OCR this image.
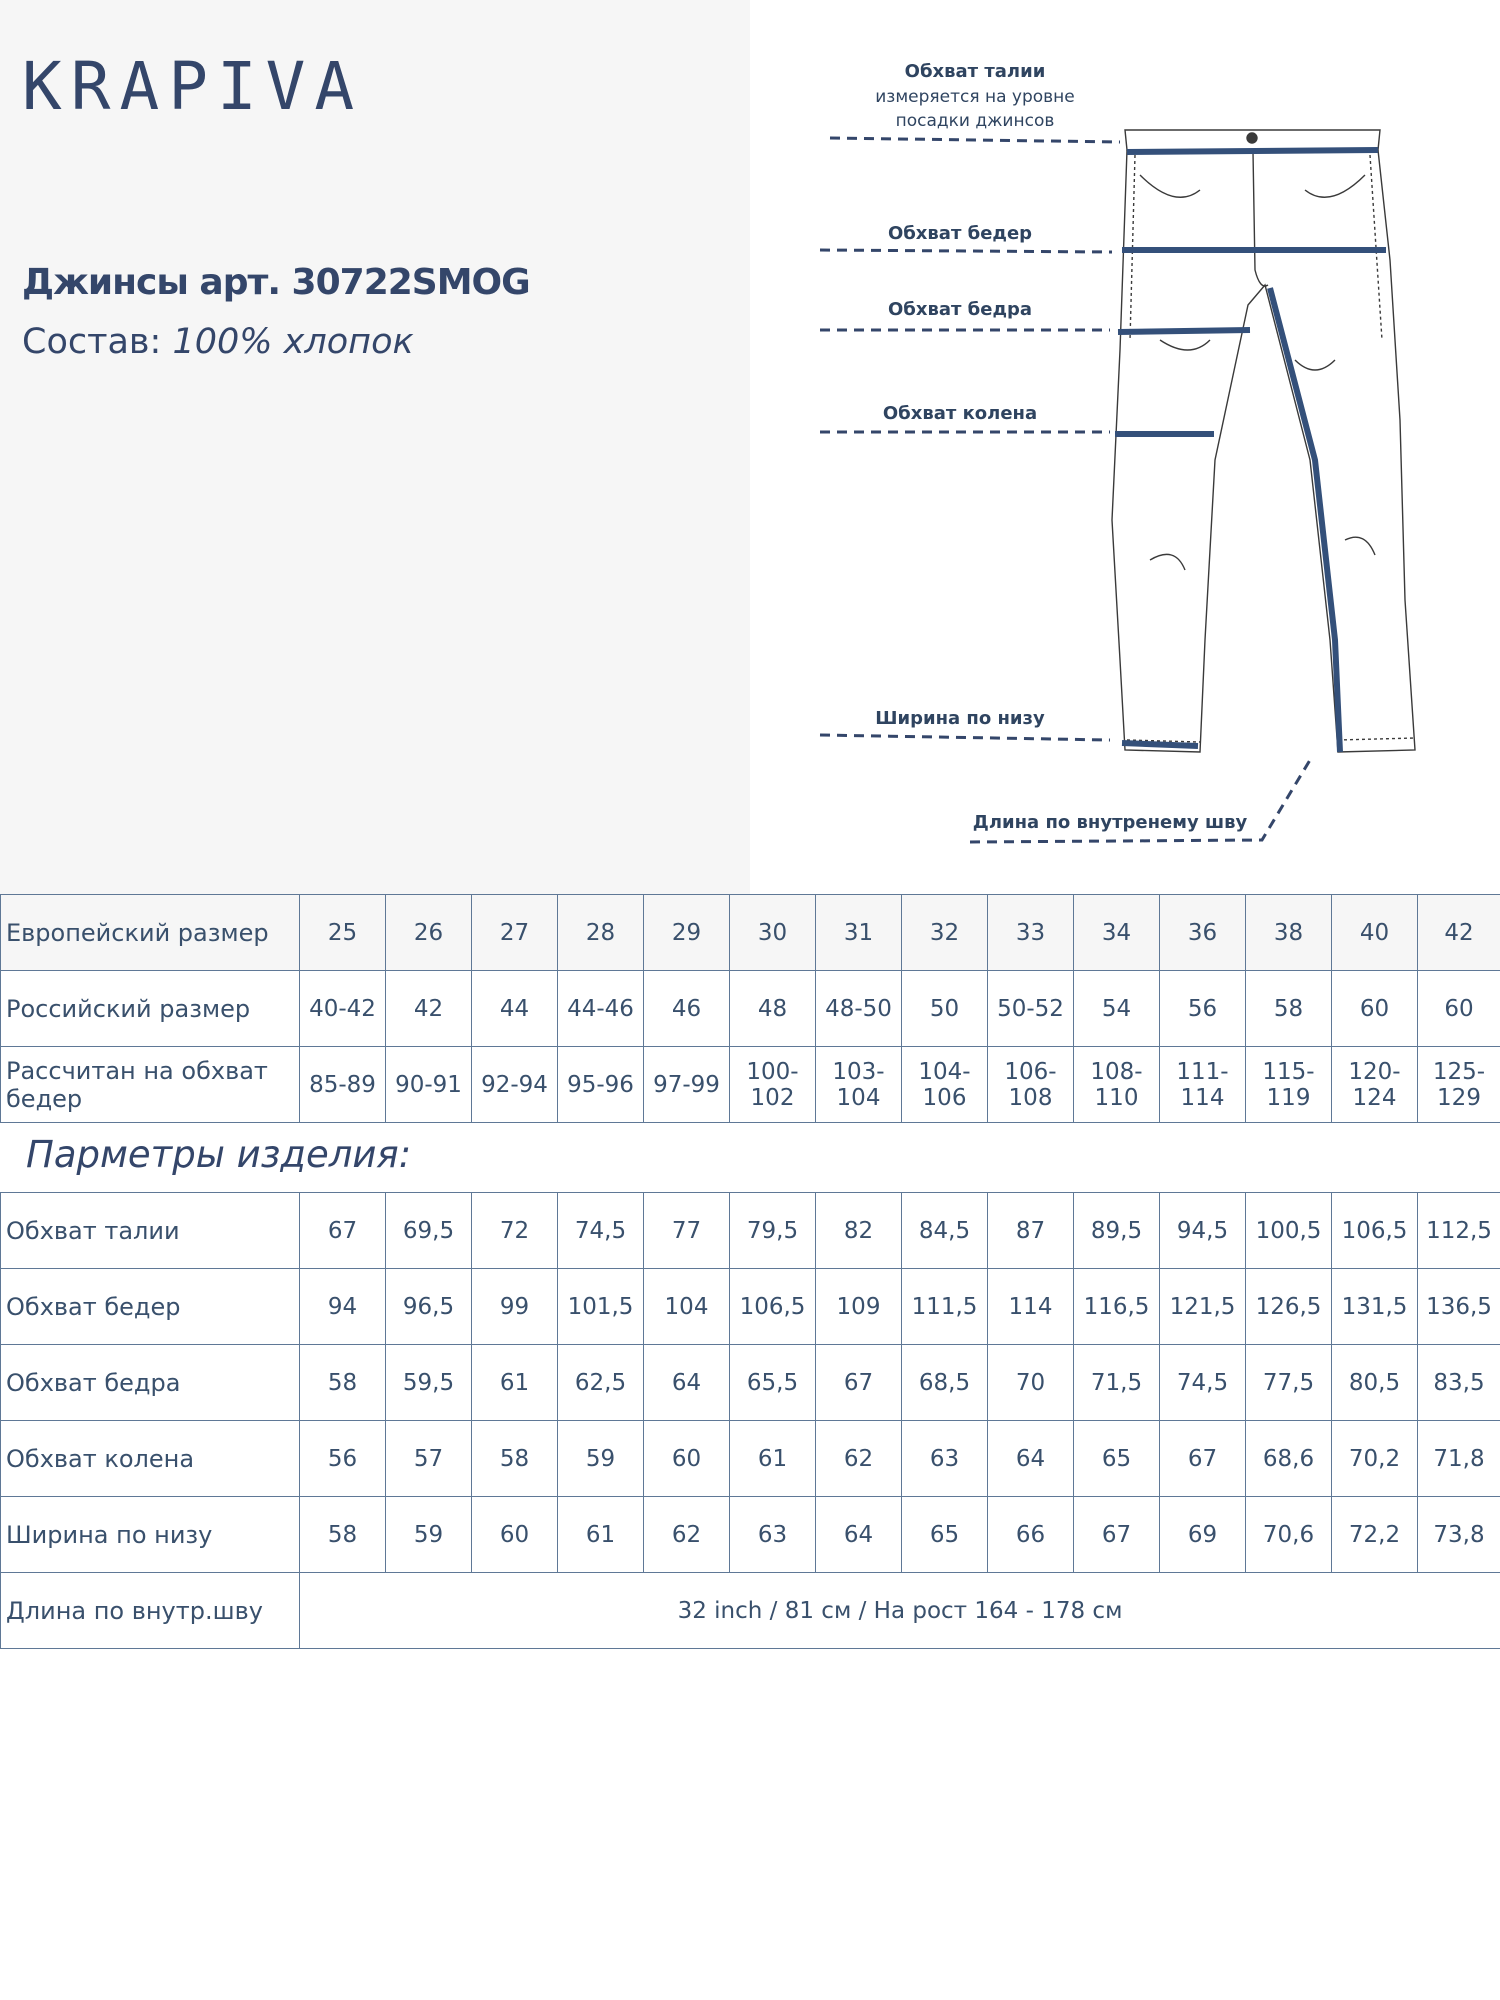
KRAPIVA
Джинсы арт. 30722SMOG
Состав: 100% хлопок
Обхват талии
измеряется на уровне
посадки джинсов
Обхват бедер
Обхват бедра
Обхват колена
Ширина по низу
Длина по внутренему шву
Европейский размер	25	26	27	28	29	30	31	32	33	34	36	38	40	42
Российский размер	40-42	42	44	44-46	46	48	48-50	50	50-52	54	56	58	60	60
Рассчитан на обхват бедер	85-89	90-91	92-94	95-96	97-99	100-102	103-104	104-106	106-108	108-110	111-114	115-119	120-124	125-129
Парметры изделия:
Обхват талии	67	69,5	72	74,5	77	79,5	82	84,5	87	89,5	94,5	100,5	106,5	112,5
Обхват бедер	94	96,5	99	101,5	104	106,5	109	111,5	114	116,5	121,5	126,5	131,5	136,5
Обхват бедра	58	59,5	61	62,5	64	65,5	67	68,5	70	71,5	74,5	77,5	80,5	83,5
Обхват колена	56	57	58	59	60	61	62	63	64	65	67	68,6	70,2	71,8
Ширина по низу	58	59	60	61	62	63	64	65	66	67	69	70,6	72,2	73,8
Длина по внутр.шву	32 inch / 81 см / На рост 164 - 178 см													
